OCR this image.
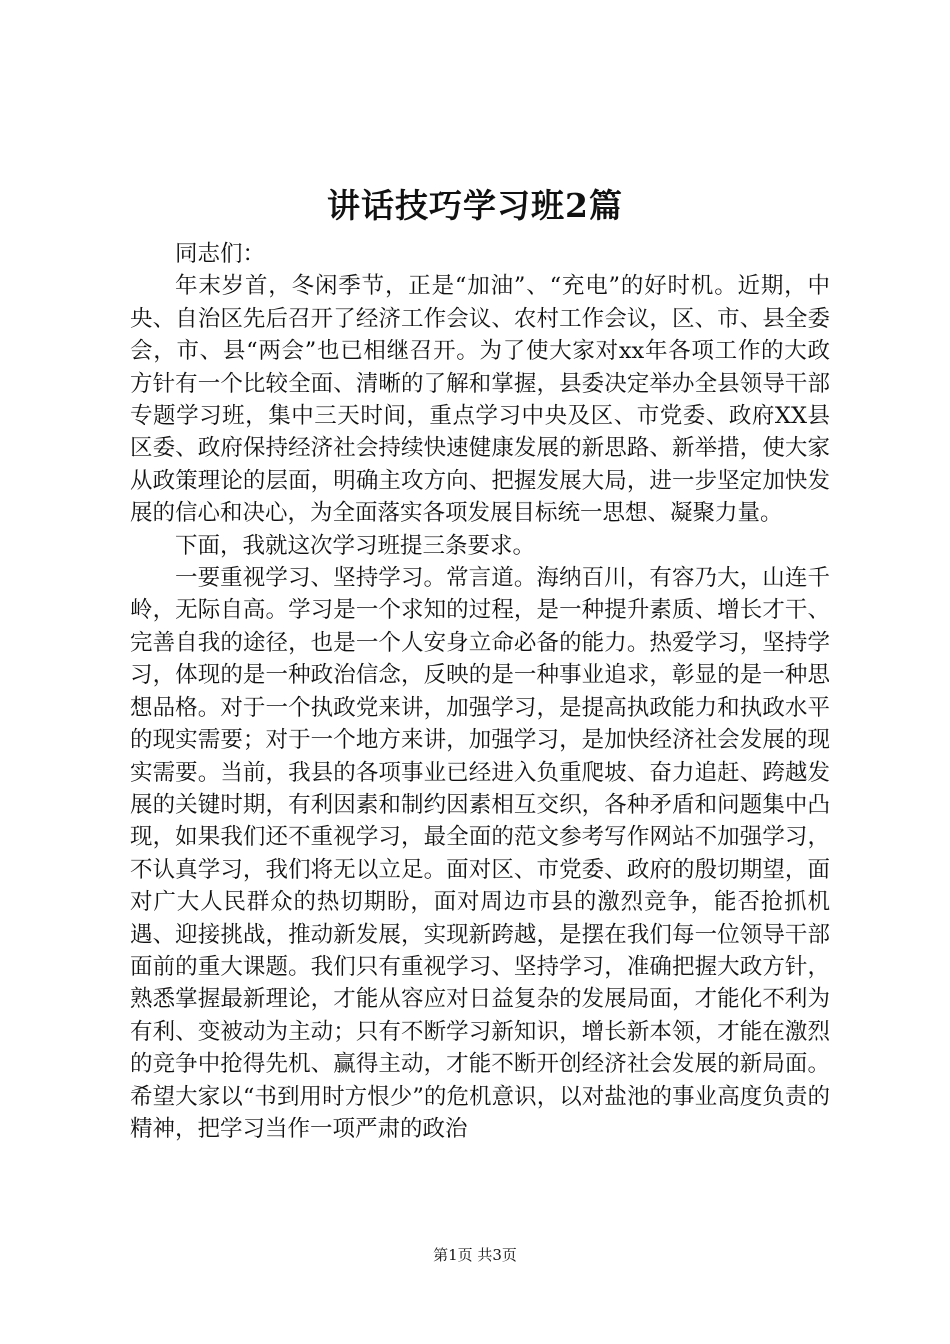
讲话技巧学习班2篇

同志们：

年末岁首，冬闲季节，正是“加油”、“充电”的好时机。近期，中央、自治区先后召开了经济工作会议、农村工作会议，区、市、县全委会，市、县“两会”也已相继召开。为了使大家对xx年各项工作的大政方针有一个比较全面、清晰的了解和掌握，县委决定举办全县领导干部专题学习班，集中三天时间，重点学习中央及区、市党委、政府XX县区委、政府保持经济社会持续快速健康发展的新思路、新举措，使大家从政策理论的层面，明确主攻方向、把握发展大局，进一步坚定加快发展的信心和决心，为全面落实各项发展目标统一思想、凝聚力量。

下面，我就这次学习班提三条要求。

一要重视学习、坚持学习。常言道。海纳百川，有容乃大，山连千岭，无际自高。学习是一个求知的过程，是一种提升素质、增长才干、完善自我的途径，也是一个人安身立命必备的能力。热爱学习，坚持学习，体现的是一种政治信念，反映的是一种事业追求，彰显的是一种思想品格。对于一个执政党来讲，加强学习，是提高执政能力和执政水平的现实需要；对于一个地方来讲，加强学习，是加快经济社会发展的现实需要。当前，我县的各项事业已经进入负重爬坡、奋力追赶、跨越发展的关键时期，有利因素和制约因素相互交织，各种矛盾和问题集中凸现，如果我们还不重视学习，最全面的范文参考写作网站不加强学习，不认真学习，我们将无以立足。面对区、市党委、政府的殷切期望，面对广大人民群众的热切期盼，面对周边市县的激烈竞争，能否抢抓机遇、迎接挑战，推动新发展，实现新跨越，是摆在我们每一位领导干部面前的重大课题。我们只有重视学习、坚持学习，准确把握大政方针，熟悉掌握最新理论，才能从容应对日益复杂的发展局面，才能化不利为有利、变被动为主动；只有不断学习新知识，增长新本领，才能在激烈的竞争中抢得先机、赢得主动，才能不断开创经济社会发展的新局面。希望大家以“书到用时方恨少”的危机意识，以对盐池的事业高度负责的精神，把学习当作一项严肃的政治

第1页 共3页
